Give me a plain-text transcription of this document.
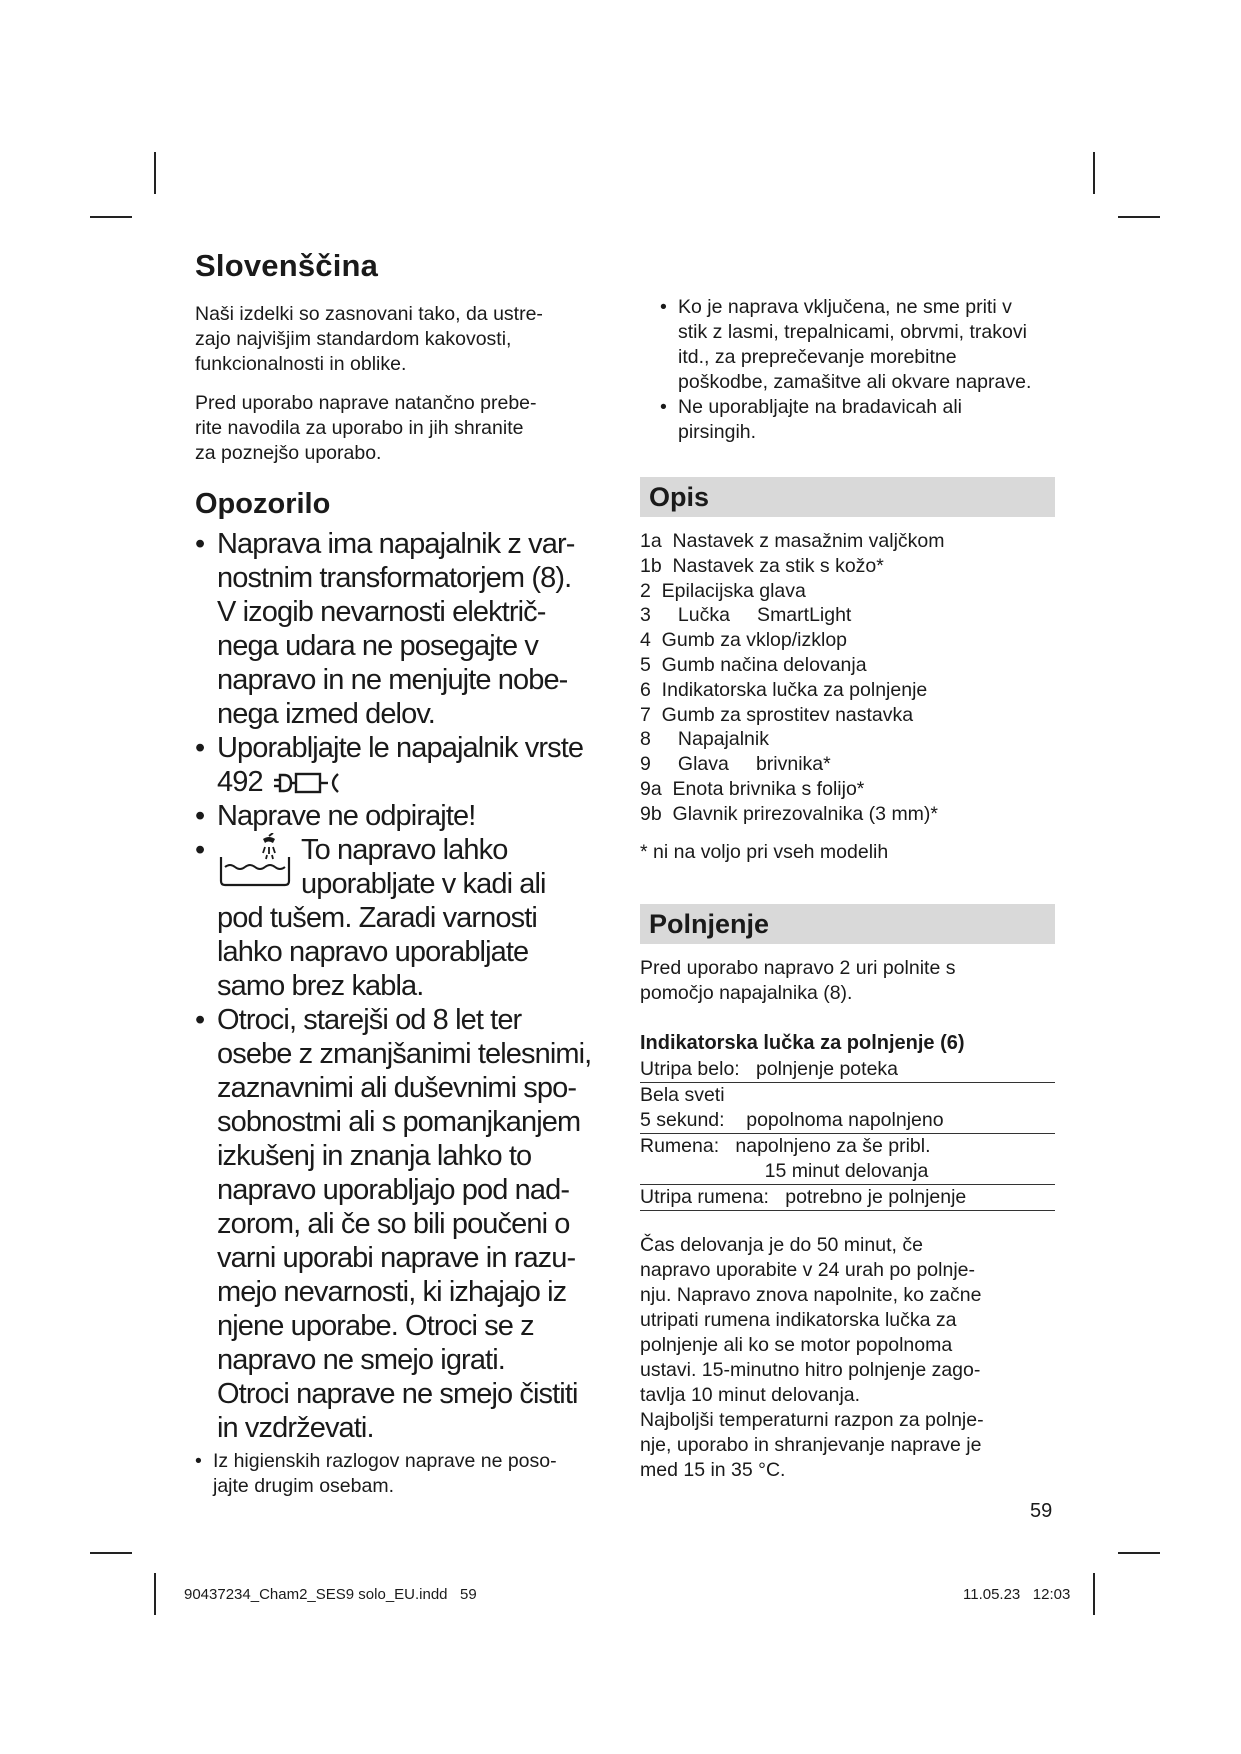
Slovenščina

Naši izdelki so zasnovani tako, da ustre-
zajo najvišjim standardom kakovosti,
funkcionalnosti in oblike.

Pred uporabo naprave natančno prebe-
rite navodila za uporabo in jih shranite
za poznejšo uporabo.

Opozorilo
• Naprava ima napajalnik z var-
nostnim transformatorjem (8).
V izogib nevarnosti električ-
nega udara ne posegajte v
napravo in ne menjujte nobe-
nega izmed delov.
• Uporabljajte le napajalnik vrste
492
• Naprave ne odpirajte!
•	To napravo lahko
uporabljate v kadi ali
pod tušem. Zaradi varnosti
lahko napravo uporabljate
samo brez kabla.
• Otroci, starejši od 8 let ter
osebe z zmanjšanimi telesnimi,
zaznavnimi ali duševnimi spo-
sobnostmi ali s pomanjkanjem
izkušenj in znanja lahko to
napravo uporabljajo pod nad-
zorom, ali če so bili poučeni o
varni uporabi naprave in razu-
mejo nevarnosti, ki izhajajo iz
njene uporabe. Otroci se z
napravo ne smejo igrati.
Otroci naprave ne smejo čistiti
in vzdrževati.
• Iz higienskih razlogov naprave ne poso-
jajte drugim osebam.
• Ko je naprava vključena, ne sme priti v
stik z lasmi, trepalnicami, obrvmi, trakovi
itd., za preprečevanje morebitne
poškodbe, zamašitve ali okvare naprave.
• Ne uporabljajte na bradavicah ali
pirsingih.
Opis
1a  Nastavek z masažnim valjčkom
1b  Nastavek za stik s kožo*
2  Epilacijska glava
3     Lučka     SmartLight
4  Gumb za vklop/izklop
5  Gumb načina delovanja
6  Indikatorska lučka za polnjenje
7  Gumb za sprostitev nastavka
8     Napajalnik
9     Glava     brivnika*
9a  Enota brivnika s folijo*
9b  Glavnik prirezovalnika (3 mm)*
* ni na voljo pri vseh modelih
Polnjenje

Pred uporabo napravo 2 uri polnite s
pomočjo napajalnika (8).

Indikatorska lučka za polnjenje (6)
Utripa belo:   polnjenje poteka
Bela sveti
5 sekund:    popolnoma napolnjeno
Rumena:   napolnjeno za še pribl.
15 minut delovanja
Utripa rumena:   potrebno je polnjenje

Čas delovanja je do 50 minut, če
napravo uporabite v 24 urah po polnje-
nju. Napravo znova napolnite, ko začne
utripati rumena indikatorska lučka za
polnjenje ali ko se motor popolnoma
ustavi. 15-minutno hitro polnjenje zago-
tavlja 10 minut delovanja.
Najboljši temperaturni razpon za polnje-
nje, uporabo in shranjevanje naprave je
med 15 in 35 °C.

59
90437234_Cham2_SES9 solo_EU.indd   59	11.05.23   12:03
